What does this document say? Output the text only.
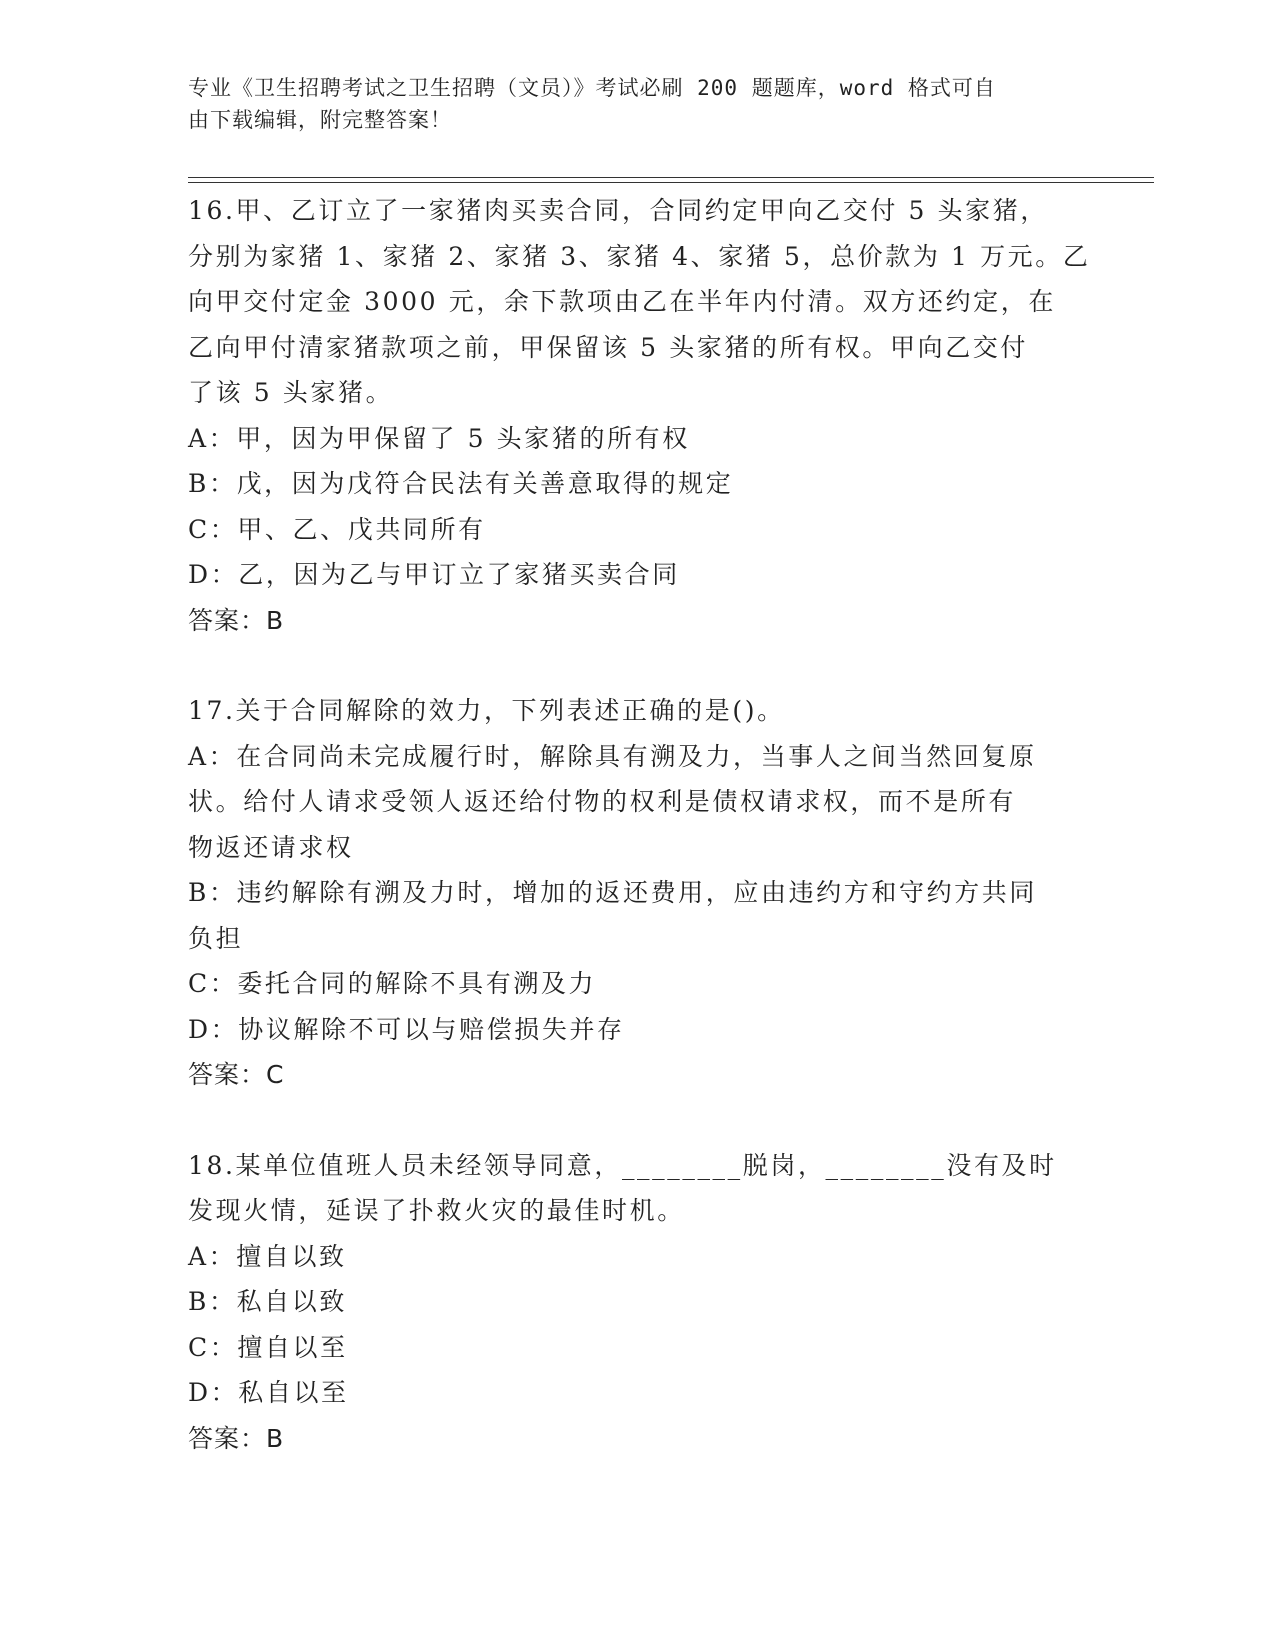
专业《卫生招聘考试之卫生招聘（文员）》考试必刷 200 题题库，word 格式可自
由下载编辑，附完整答案！
16.甲、乙订立了一家猪肉买卖合同，合同约定甲向乙交付 5 头家猪，
分别为家猪 1、家猪 2、家猪 3、家猪 4、家猪 5，总价款为 1 万元。乙
向甲交付定金 3000 元，余下款项由乙在半年内付清。双方还约定，在
乙向甲付清家猪款项之前，甲保留该 5 头家猪的所有权。甲向乙交付
了该 5 头家猪。
A：甲，因为甲保留了 5 头家猪的所有权
B：戊，因为戊符合民法有关善意取得的规定
C：甲、乙、戊共同所有
D：乙，因为乙与甲订立了家猪买卖合同
答案：B
17.关于合同解除的效力，下列表述正确的是()。
A：在合同尚未完成履行时，解除具有溯及力，当事人之间当然回复原
状。给付人请求受领人返还给付物的权利是债权请求权，而不是所有
物返还请求权
B：违约解除有溯及力时，增加的返还费用，应由违约方和守约方共同
负担
C：委托合同的解除不具有溯及力
D：协议解除不可以与赔偿损失并存
答案：C
18.某单位值班人员未经领导同意，________脱岗，________没有及时
发现火情，延误了扑救火灾的最佳时机。
A：擅自以致
B：私自以致
C：擅自以至
D：私自以至
答案：B
